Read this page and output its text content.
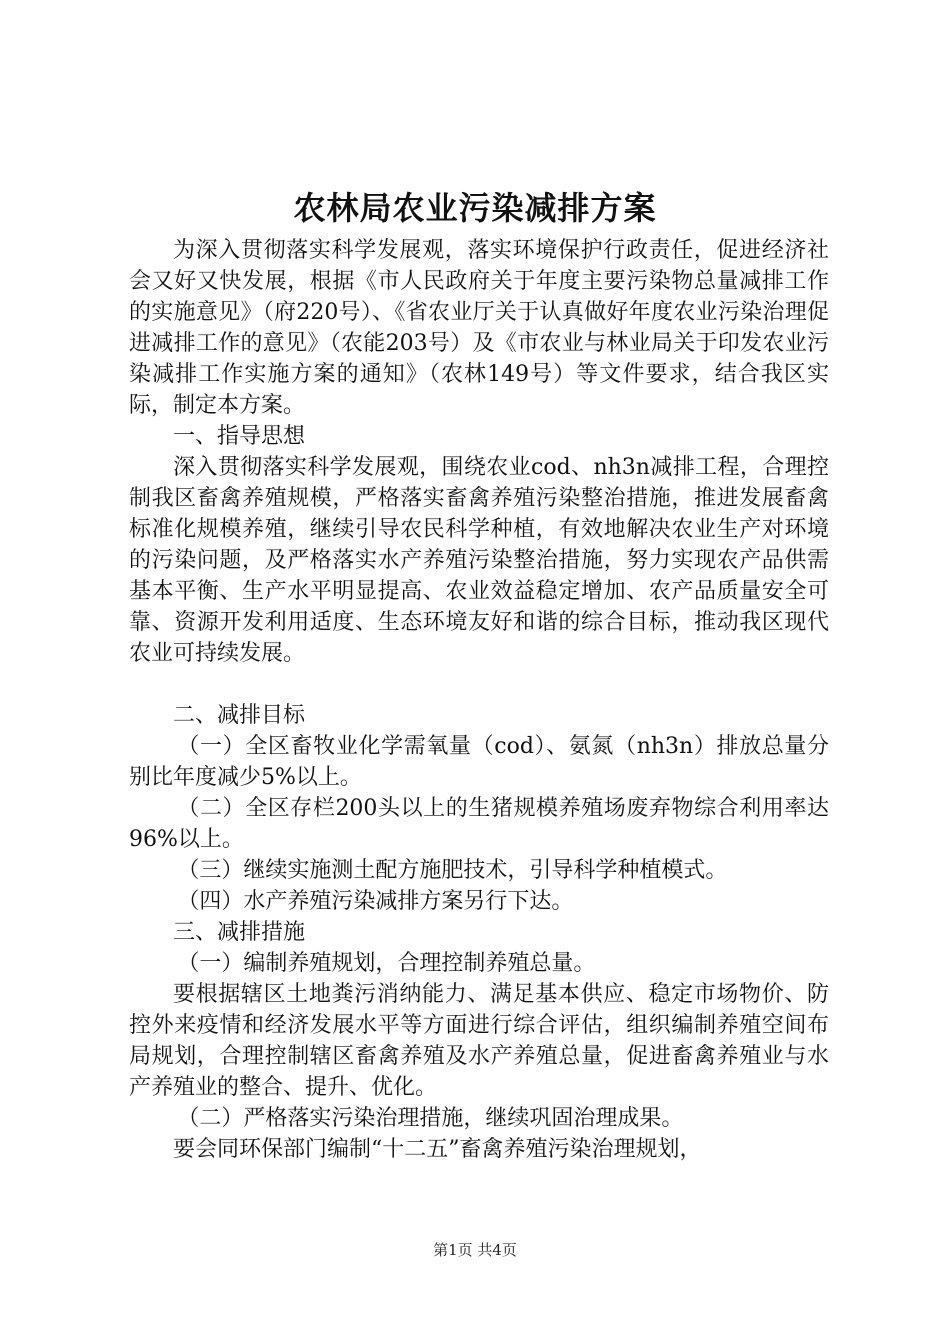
农林局农业污染减排方案

为深入贯彻落实科学发展观，落实环境保护行政责任，促进经济社会又好又快发展，根据《市人民政府关于年度主要污染物总量减排工作的实施意见》（府220号）、《省农业厅关于认真做好年度农业污染治理促进减排工作的意见》（农能203号）及《市农业与林业局关于印发农业污染减排工作实施方案的通知》（农林149号）等文件要求，结合我区实际，制定本方案。

一、指导思想

深入贯彻落实科学发展观，围绕农业cod、nh3n减排工程，合理控制我区畜禽养殖规模，严格落实畜禽养殖污染整治措施，推进发展畜禽标准化规模养殖，继续引导农民科学种植，有效地解决农业生产对环境的污染问题，及严格落实水产养殖污染整治措施，努力实现农产品供需基本平衡、生产水平明显提高、农业效益稳定增加、农产品质量安全可靠、资源开发利用适度、生态环境友好和谐的综合目标，推动我区现代农业可持续发展。

二、减排目标

（一）全区畜牧业化学需氧量（cod）、氨氮（nh3n）排放总量分别比年度减少5%以上。

（二）全区存栏200头以上的生猪规模养殖场废弃物综合利用率达96%以上。

（三）继续实施测土配方施肥技术，引导科学种植模式。

（四）水产养殖污染减排方案另行下达。

三、减排措施

（一）编制养殖规划，合理控制养殖总量。

要根据辖区土地粪污消纳能力、满足基本供应、稳定市场物价、防控外来疫情和经济发展水平等方面进行综合评估，组织编制养殖空间布局规划，合理控制辖区畜禽养殖及水产养殖总量，促进畜禽养殖业与水产养殖业的整合、提升、优化。

（二）严格落实污染治理措施，继续巩固治理成果。

要会同环保部门编制“十二五”畜禽养殖污染治理规划，

第1页 共4页
